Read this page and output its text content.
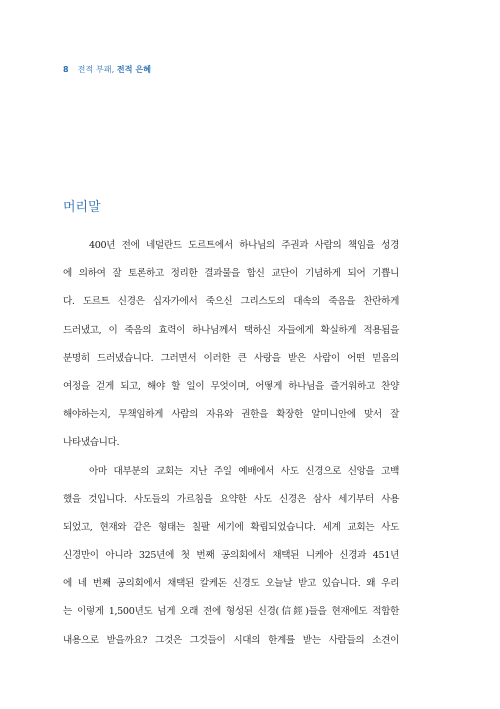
8 전적 부패, 전적 은혜
머리말
400년 전에 네덜란드 도르트에서 하나님의 주권과 사람의 책임을 성경
에 의하여 잘 토론하고 정리한 결과물을 합신 교단이 기념하게 되어 기쁩니
다. 도르트 신경은 십자가에서 죽으신 그리스도의 대속의 죽음을 찬란하게
드러냈고, 이 죽음의 효력이 하나님께서 택하신 자들에게 확실하게 적용됨을
분명히 드러냈습니다. 그러면서 이러한 큰 사랑을 받은 사람이 어떤 믿음의
여정을 걷게 되고, 해야 할 일이 무엇이며, 어떻게 하나님을 즐거워하고 찬양
해야하는지, 무책임하게 사람의 자유와 권한을 확장한 알미니안에 맞서 잘
나타냈습니다.
아마 대부분의 교회는 지난 주일 예배에서 사도 신경으로 신앙을 고백
했을 것입니다. 사도들의 가르침을 요약한 사도 신경은 삼사 세기부터 사용
되었고, 현재와 같은 형태는 칠팔 세기에 확립되었습니다. 세계 교회는 사도
신경만이 아니라 325년에 첫 번째 공의회에서 채택된 니케아 신경과 451년
에 네 번째 공의회에서 채택된 칼케돈 신경도 오늘날 받고 있습니다. 왜 우리
는 이렇게 1,500년도 넘게 오래 전에 형성된 신경(信經)들을 현재에도 적합한
내용으로 받을까요? 그것은 그것들이 시대의 한계를 받는 사람들의 소견이
